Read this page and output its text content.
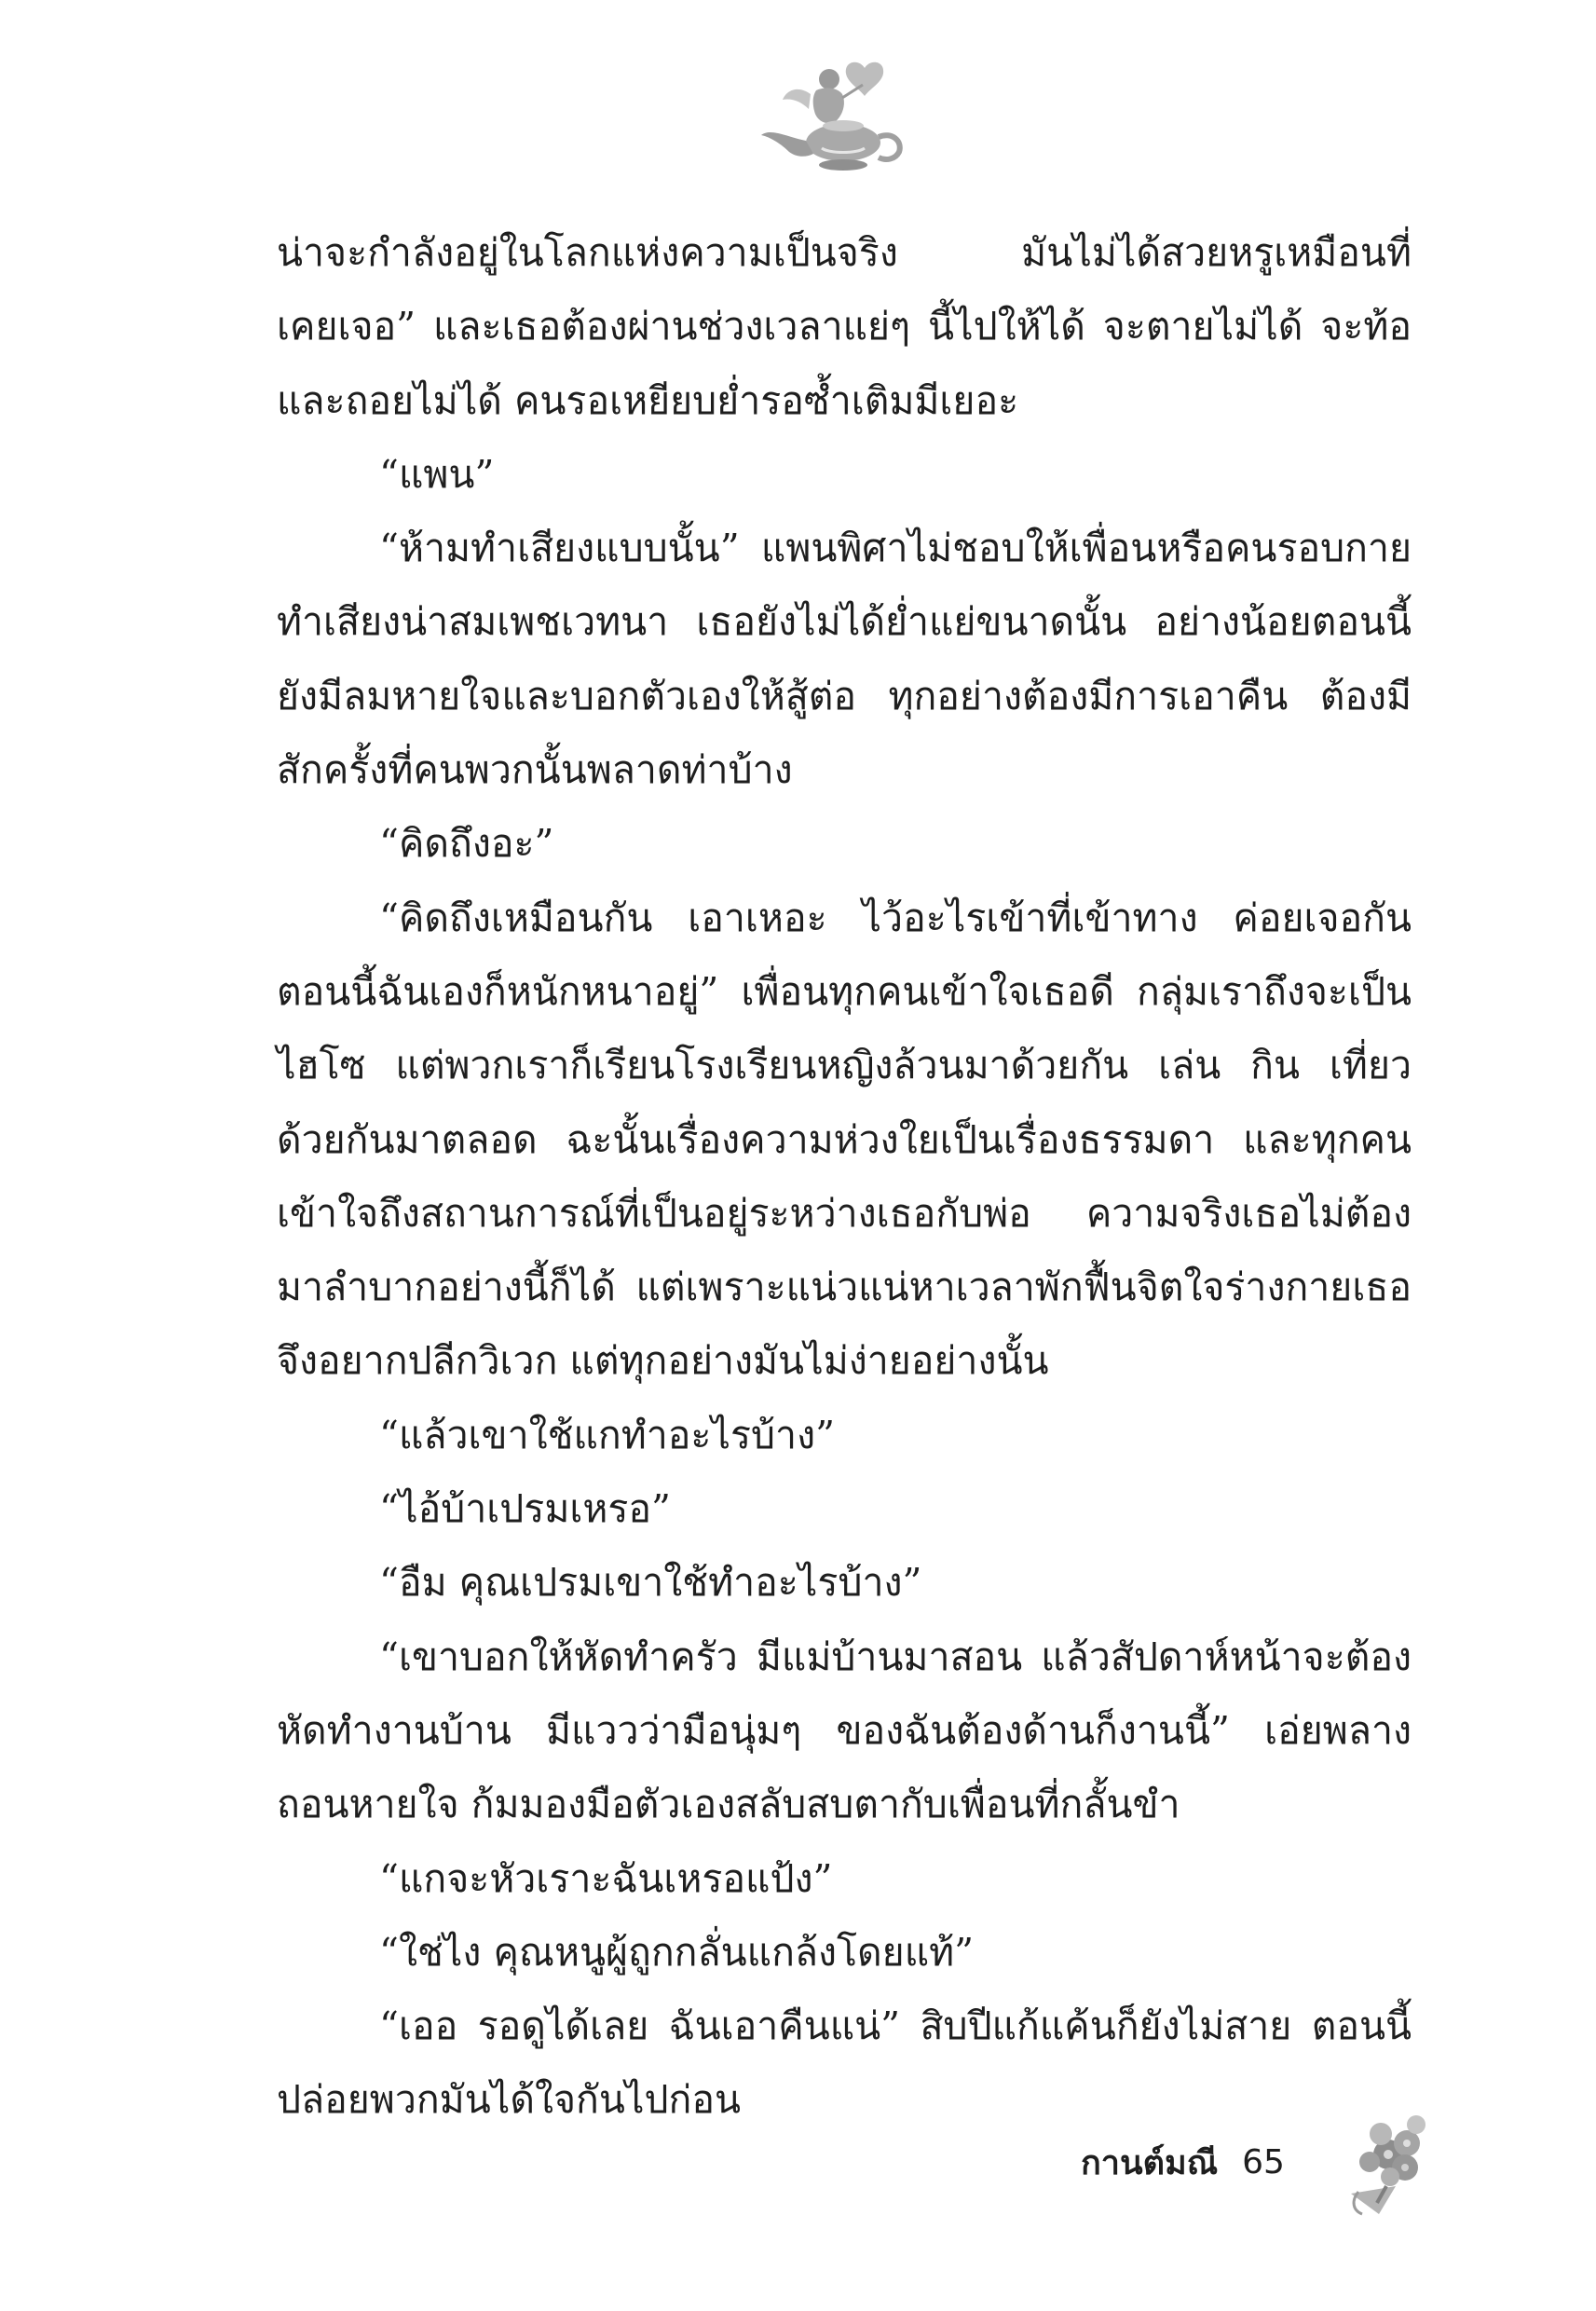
น่าจะกำลังอยู่ในโลกแห่งความเป็นจริง มันไม่ได้สวยหรูเหมือนที่
เคยเจอ” และเธอต้องผ่านช่วงเวลาแย่ๆ นี้ไปให้ได้ จะตายไม่ได้ จะท้อ
และถอยไม่ได้ คนรอเหยียบย่ำรอซ้ำเติมมีเยอะ
“แพน”
“ห้ามทำเสียงแบบนั้น” แพนพิศาไม่ชอบให้เพื่อนหรือคนรอบกาย
ทำเสียงน่าสมเพชเวทนา เธอยังไม่ได้ย่ำแย่ขนาดนั้น อย่างน้อยตอนนี้
ยังมีลมหายใจและบอกตัวเองให้สู้ต่อ ทุกอย่างต้องมีการเอาคืน ต้องมี
สักครั้งที่คนพวกนั้นพลาดท่าบ้าง
“คิดถึงอะ”
“คิดถึงเหมือนกัน เอาเหอะ ไว้อะไรเข้าที่เข้าทาง ค่อยเจอกัน
ตอนนี้ฉันเองก็หนักหนาอยู่” เพื่อนทุกคนเข้าใจเธอดี กลุ่มเราถึงจะเป็น
ไฮโซ แต่พวกเราก็เรียนโรงเรียนหญิงล้วนมาด้วยกัน เล่น กิน เที่ยว
ด้วยกันมาตลอด ฉะนั้นเรื่องความห่วงใยเป็นเรื่องธรรมดา และทุกคน
เข้าใจถึงสถานการณ์ที่เป็นอยู่ระหว่างเธอกับพ่อ ความจริงเธอไม่ต้อง
มาลำบากอย่างนี้ก็ได้ แต่เพราะแน่วแน่หาเวลาพักฟื้นจิตใจร่างกายเธอ
จึงอยากปลีกวิเวก แต่ทุกอย่างมันไม่ง่ายอย่างนั้น
“แล้วเขาใช้แกทำอะไรบ้าง”
“ไอ้บ้าเปรมเหรอ”
“อืม คุณเปรมเขาใช้ทำอะไรบ้าง”
“เขาบอกให้หัดทำครัว มีแม่บ้านมาสอน แล้วสัปดาห์หน้าจะต้อง
หัดทำงานบ้าน มีแววว่ามือนุ่มๆ ของฉันต้องด้านก็งานนี้” เอ่ยพลาง
ถอนหายใจ ก้มมองมือตัวเองสลับสบตากับเพื่อนที่กลั้นขำ
“แกจะหัวเราะฉันเหรอแป้ง”
“ใช่ไง คุณหนูผู้ถูกกลั่นแกล้งโดยแท้”
“เออ รอดูได้เลย ฉันเอาคืนแน่” สิบปีแก้แค้นก็ยังไม่สาย ตอนนี้
ปล่อยพวกมันได้ใจกันไปก่อน
กานต์มณี 65
